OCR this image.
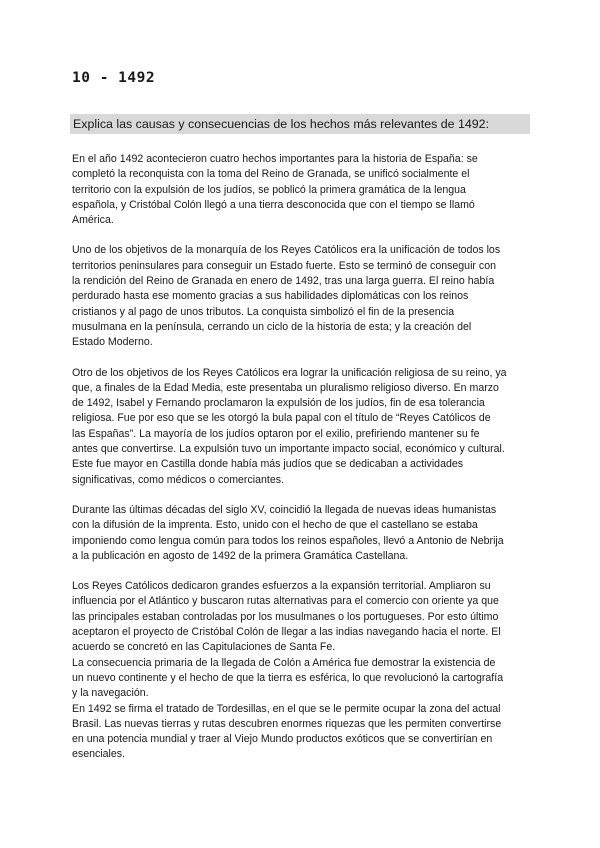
10 - 1492
Explica las causas y consecuencias de los hechos más relevantes de 1492:
En el año 1492 acontecieron cuatro hechos importantes para la historia de España: se
completó la reconquista con la toma del Reino de Granada, se unificó socialmente el
territorio con la expulsión de los judíos, se poblicó la primera gramática de la lengua
española, y Cristóbal Colón llegó a una tierra desconocida que con el tiempo se llamó
América.
Uno de los objetivos de la monarquía de los Reyes Católicos era la unificación de todos los
territorios peninsulares para conseguir un Estado fuerte. Esto se terminó de conseguir con
la rendición del Reino de Granada en enero de 1492, tras una larga guerra. El reino había
perdurado hasta ese momento gracias a sus habilidades diplomáticas con los reinos
cristianos y al pago de unos tributos. La conquista simbolizó el fin de la presencia
musulmana en la península, cerrando un ciclo de la historia de esta; y la creación del
Estado Moderno.
Otro de los objetivos de los Reyes Católicos era lograr la unificación religiosa de su reino, ya
que, a finales de la Edad Media, este presentaba un pluralismo religioso diverso. En marzo
de 1492, Isabel y Fernando proclamaron la expulsión de los judíos, fin de esa tolerancia
religiosa. Fue por eso que se les otorgó la bula papal con el título de “Reyes Católicos de
las Españas”. La mayoría de los judíos optaron por el exilio, prefiriendo mantener su fe
antes que convertirse. La expulsión tuvo un importante impacto social, económico y cultural.
Este fue mayor en Castilla donde había más judíos que se dedicaban a actividades
significativas, como médicos o comerciantes.
Durante las últimas décadas del siglo XV, coincidió la llegada de nuevas ideas humanistas
con la difusión de la imprenta. Esto, unido con el hecho de que el castellano se estaba
imponiendo como lengua común para todos los reinos españoles, llevó a Antonio de Nebrija
a la publicación en agosto de 1492 de la primera Gramática Castellana.
Los Reyes Católicos dedicaron grandes esfuerzos a la expansión territorial. Ampliaron su
influencia por el Atlántico y buscaron rutas alternativas para el comercio con oriente ya que
las principales estaban controladas por los musulmanes o los portugueses. Por esto último
aceptaron el proyecto de Cristóbal Colón de llegar a las indias navegando hacia el norte. El
acuerdo se concretó en las Capitulaciones de Santa Fe.
La consecuencia primaria de la llegada de Colón a América fue demostrar la existencia de
un nuevo continente y el hecho de que la tierra es esférica, lo que revolucionó la cartografía
y la navegación.
En 1492 se firma el tratado de Tordesillas, en el que se le permite ocupar la zona del actual
Brasil. Las nuevas tierras y rutas descubren enormes riquezas que les permiten convertirse
en una potencia mundial y traer al Viejo Mundo productos exóticos que se convertirían en
esenciales.
